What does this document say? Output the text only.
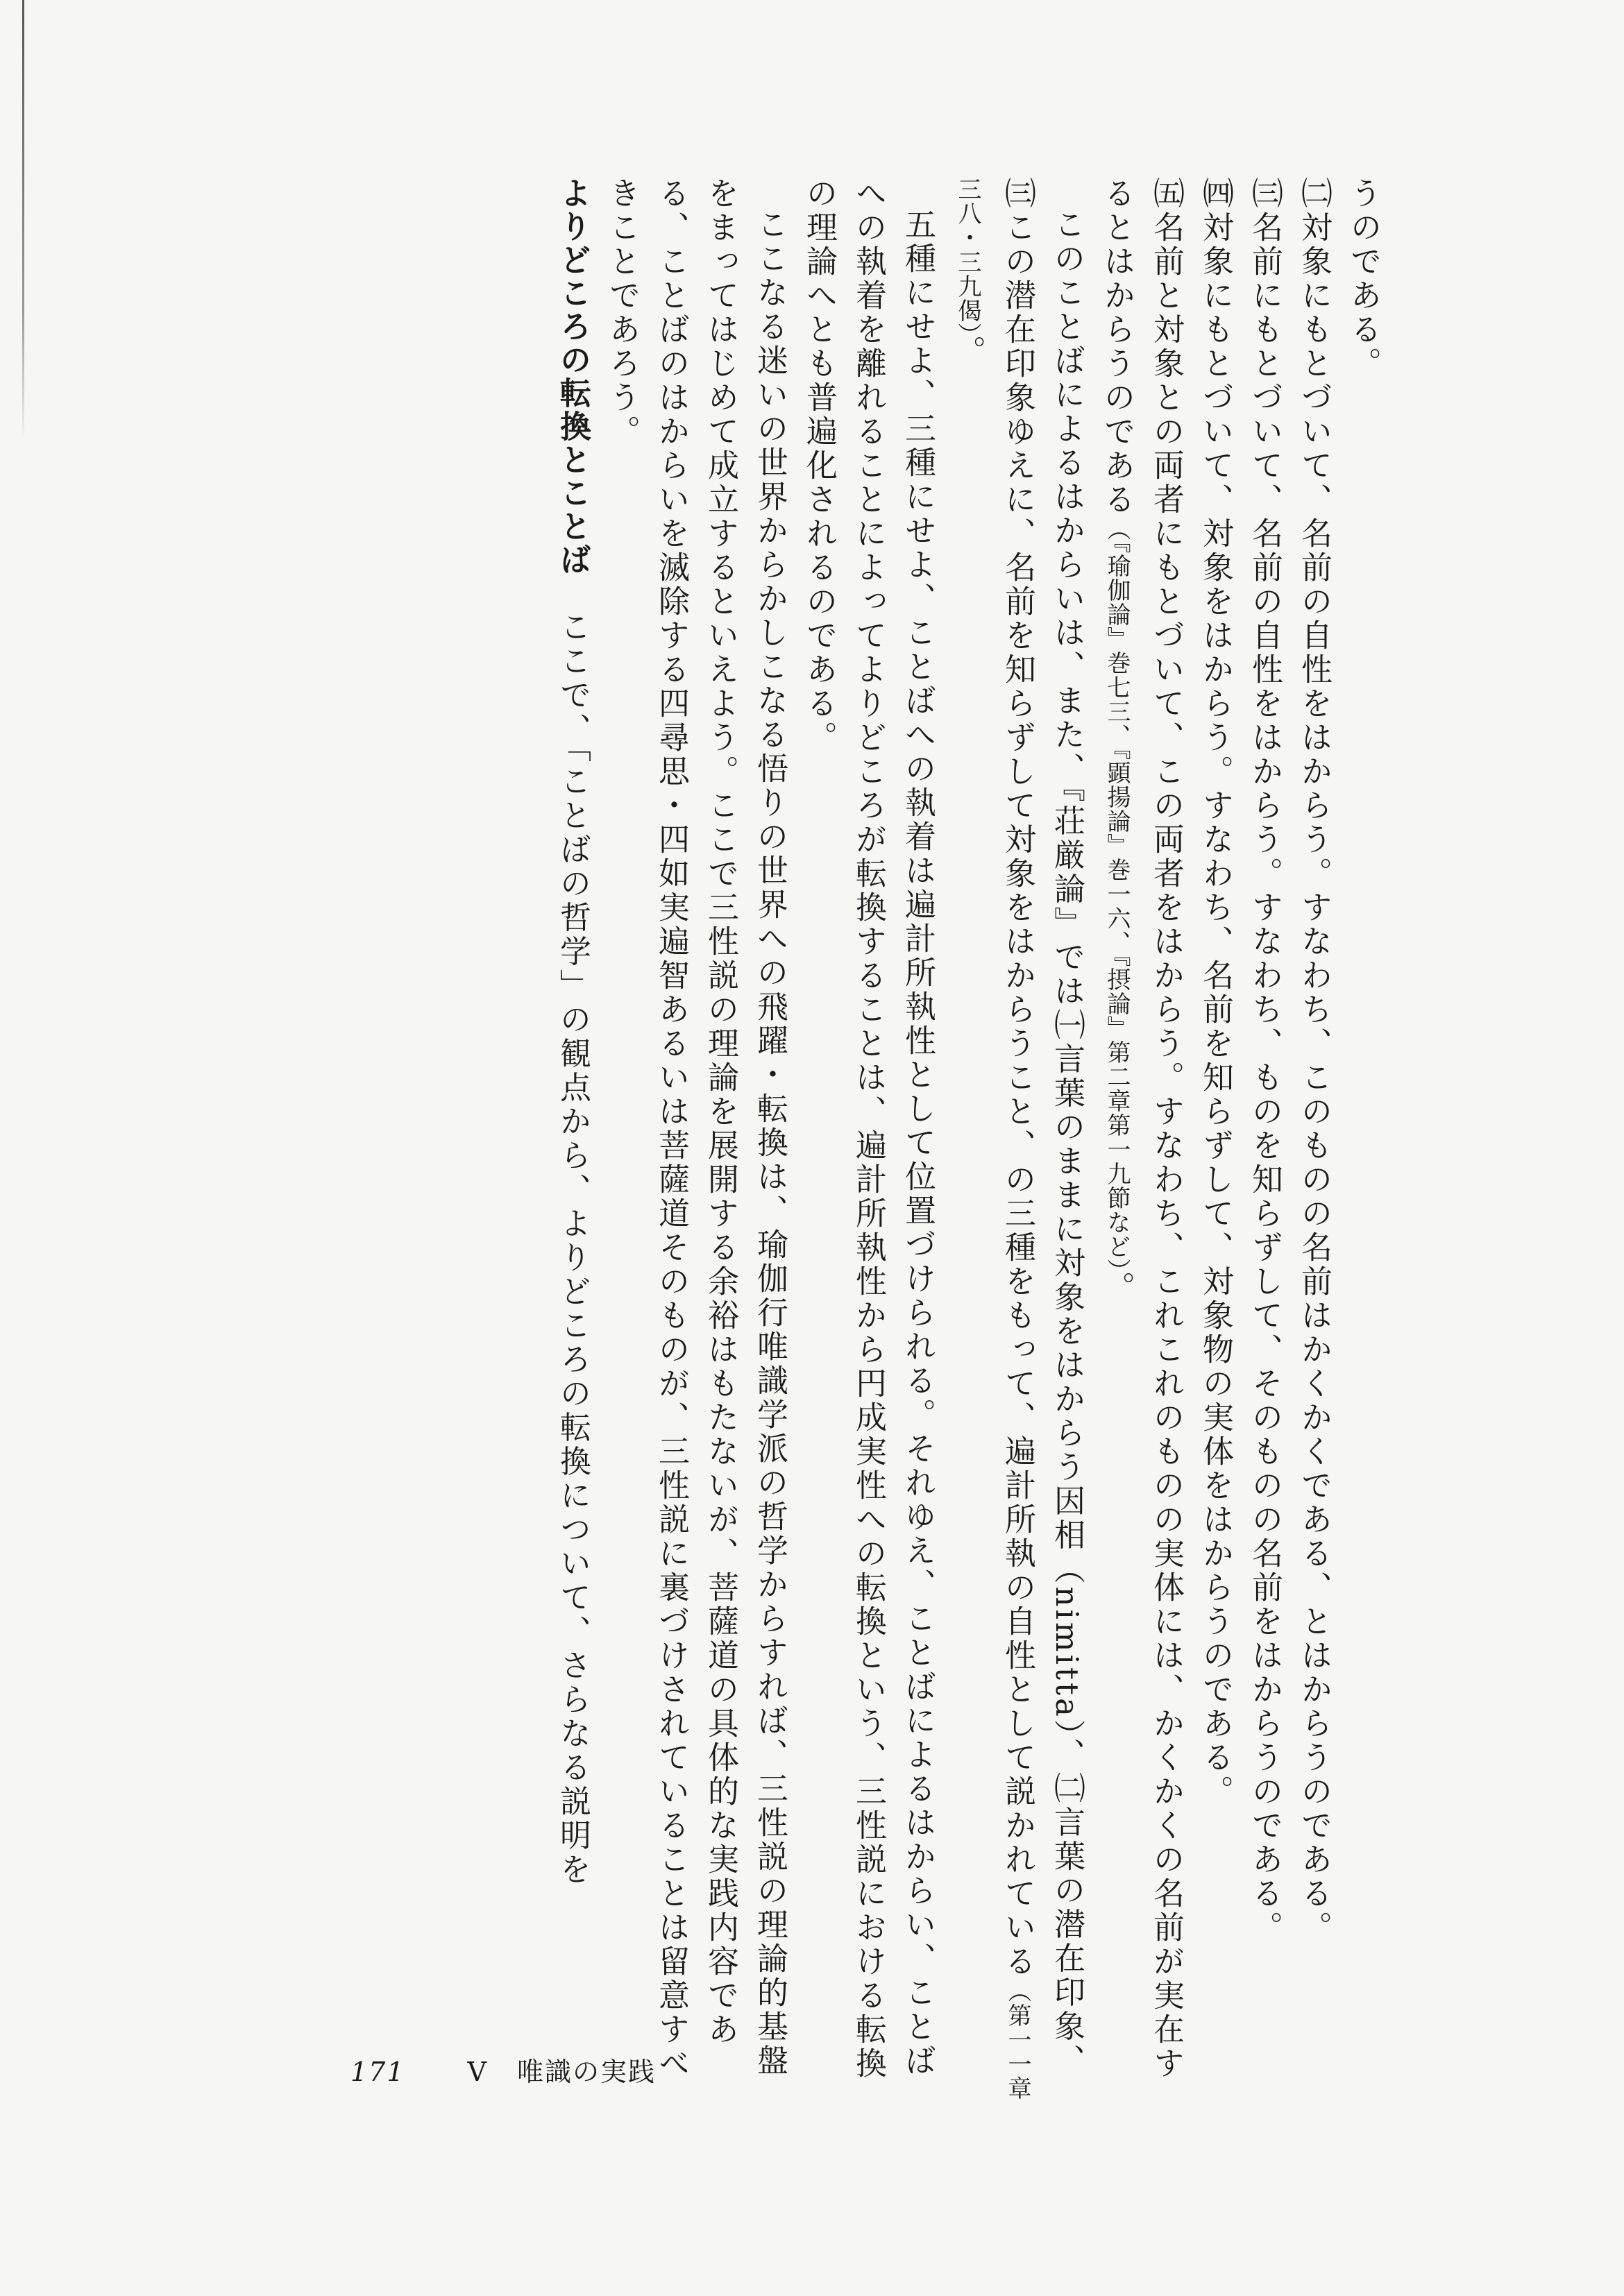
うのである。

㈡対象にもとづいて、名前の自性をはからう。すなわち、このものの名前はかくかくである、とはからうのである。

㈢名前にもとづいて、名前の自性をはからう。すなわち、ものを知らずして、そのものの名前をはからうのである。

㈣対象にもとづいて、対象をはからう。すなわち、名前を知らずして、対象物の実体をはからうのである。

㈤名前と対象との両者にもとづいて、この両者をはからう。すなわち、これこれのものの実体には、かくかくの名前が実在するとはからうのである（『瑜伽論』巻七三、『顕揚論』巻一六、『摂論』第二章第一九節など）。

このことばによるはからいは、また、『荘厳論』では㈠言葉のままに対象をはからう因相（nimitta）、㈡言葉の潜在印象、㈢この潜在印象ゆえに、名前を知らずして対象をはからうこと、の三種をもって、遍計所執の自性として説かれている（第一一章三八・三九偈）。

五種にせよ、三種にせよ、ことばへの執着は遍計所執性として位置づけられる。それゆえ、ことばによるはからい、ことばへの執着を離れることによってよりどころが転換することは、遍計所執性から円成実性への転換という、三性説における転換の理論へとも普遍化されるのである。

ここなる迷いの世界からかしこなる悟りの世界への飛躍・転換は、瑜伽行唯識学派の哲学からすれば、三性説の理論的基盤をまってはじめて成立するといえよう。ここで三性説の理論を展開する余裕はもたないが、菩薩道の具体的な実践内容である、ことばのはからいを滅除する四尋思・四如実遍智あるいは菩薩道そのものが、三性説に裏づけされていることは留意すべきことであろう。

よりどころの転換とことば　ここで、「ことばの哲学」の観点から、よりどころの転換について、さらなる説明を

171 V 唯識の実践
